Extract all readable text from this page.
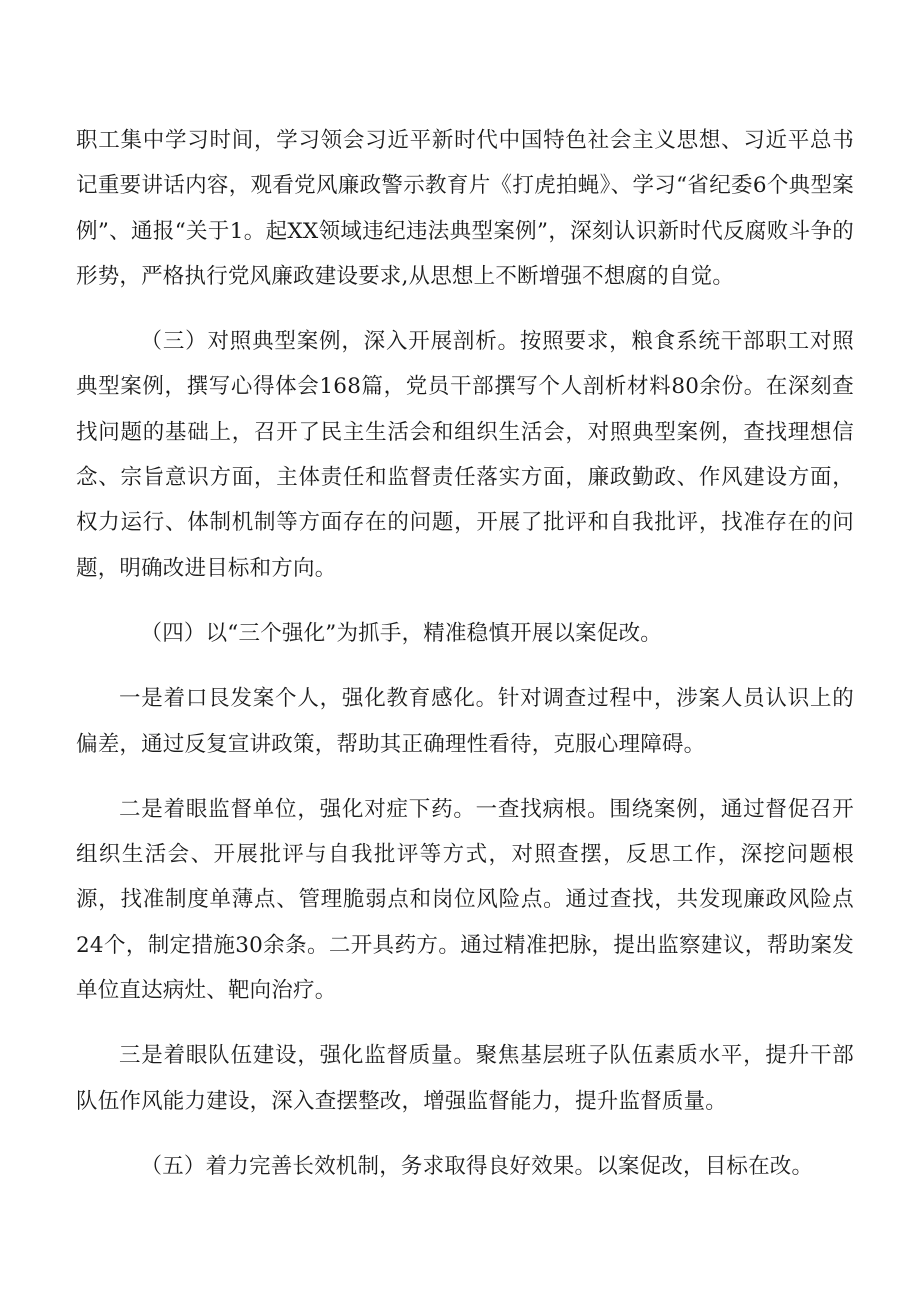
职工集中学习时间，学习领会习近平新时代中国特色社会主义思想、习近平总书记重要讲话内容，观看党风廉政警示教育片《打虎拍蝇》、学习“省纪委6个典型案例”、通报“关于1。起XX领域违纪违法典型案例”，深刻认识新时代反腐败斗争的形势，严格执行党风廉政建设要求,从思想上不断增强不想腐的自觉。

（三）对照典型案例，深入开展剖析。按照要求，粮食系统干部职工对照典型案例，撰写心得体会168篇，党员干部撰写个人剖析材料80余份。在深刻查找问题的基础上，召开了民主生活会和组织生活会，对照典型案例，查找理想信念、宗旨意识方面，主体责任和监督责任落实方面，廉政勤政、作风建设方面，权力运行、体制机制等方面存在的问题，开展了批评和自我批评，找准存在的问题，明确改进目标和方向。

（四）以“三个强化”为抓手，精准稳慎开展以案促改。

一是着口艮发案个人，强化教育感化。针对调查过程中，涉案人员认识上的偏差，通过反复宣讲政策，帮助其正确理性看待，克服心理障碍。

二是着眼监督单位，强化对症下药。一查找病根。围绕案例，通过督促召开组织生活会、开展批评与自我批评等方式，对照查摆，反思工作，深挖问题根源，找准制度单薄点、管理脆弱点和岗位风险点。通过查找，共发现廉政风险点24个，制定措施30余条。二开具药方。通过精准把脉，提出监察建议，帮助案发单位直达病灶、靶向治疗。

三是着眼队伍建设，强化监督质量。聚焦基层班子队伍素质水平，提升干部队伍作风能力建设，深入查摆整改，增强监督能力，提升监督质量。

（五）着力完善长效机制，务求取得良好效果。以案促改，目标在改。
